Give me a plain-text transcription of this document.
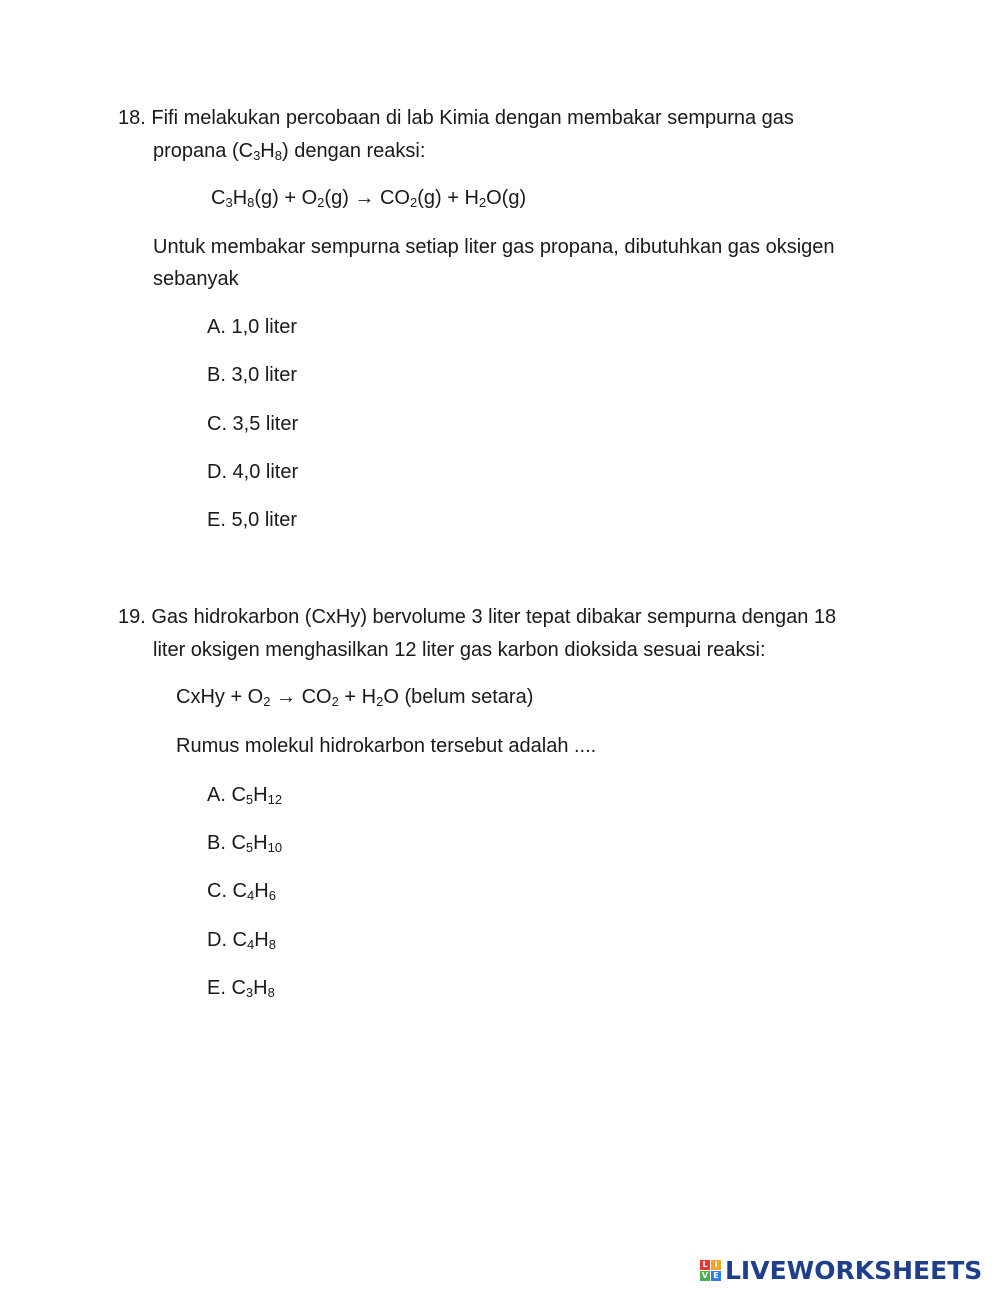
18. Fifi melakukan percobaan di lab Kimia dengan membakar sempurna gas
propana $(C_3H_8)$ dengan reaksi:
$C_3H_8(g) + O_2(g) \to CO_2(g) + H_2O(g)$
Untuk membakar sempurna setiap liter gas propana, dibutuhkan gas oksigen
sebanyak
A. 1,0 liter
B. 3,0 liter
C. 3,5 liter
D. 4,0 liter
E. 5,0 liter
19. Gas hidrokarbon (CxHy) bervolume 3 liter tepat dibakar sempurna dengan 18
liter oksigen menghasilkan 12 liter gas karbon dioksida sesuai reaksi:
CxHy + $O_2 \to CO_2 + H_2O$ (belum setara)
Rumus molekul hidrokarbon tersebut adalah ....
A. $C_5H_{12}$
B. $C_5H_{10}$
C. $C_4H_6$
D. $C_4H_8$
E. $C_3H_8$
L I
V E LIVEWORKSHEETS
